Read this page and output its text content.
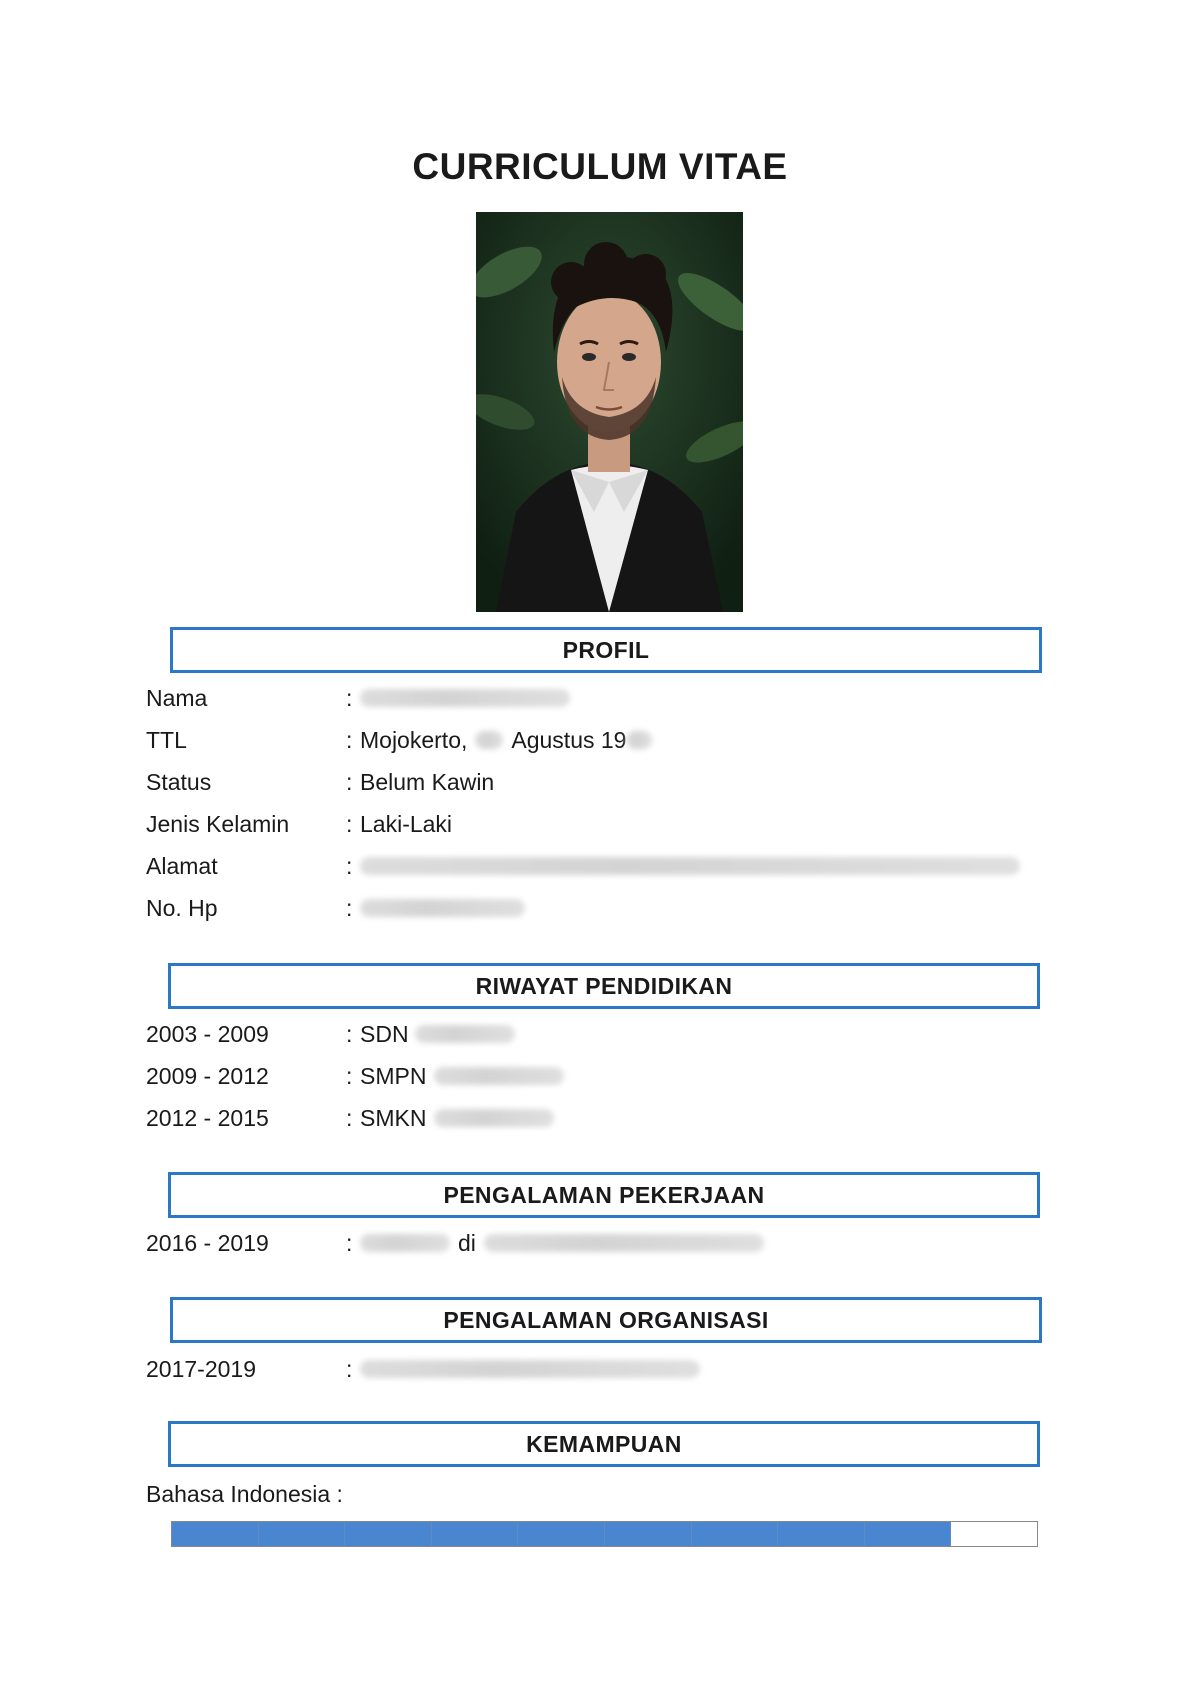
CURRICULUM VITAE
PROFIL
Nama	:
TTL	: Mojokerto, Agustus 19
Status	: Belum Kawin
Jenis Kelamin	: Laki-Laki
Alamat	:
No. Hp	:
RIWAYAT PENDIDIKAN
2003 - 2009	: SDN
2009 - 2012	: SMPN
2012 - 2015	: SMKN
PENGALAMAN PEKERJAAN
2016 - 2019	:	di
PENGALAMAN ORGANISASI
2017-2019	:
KEMAMPUAN
Bahasa Indonesia :
